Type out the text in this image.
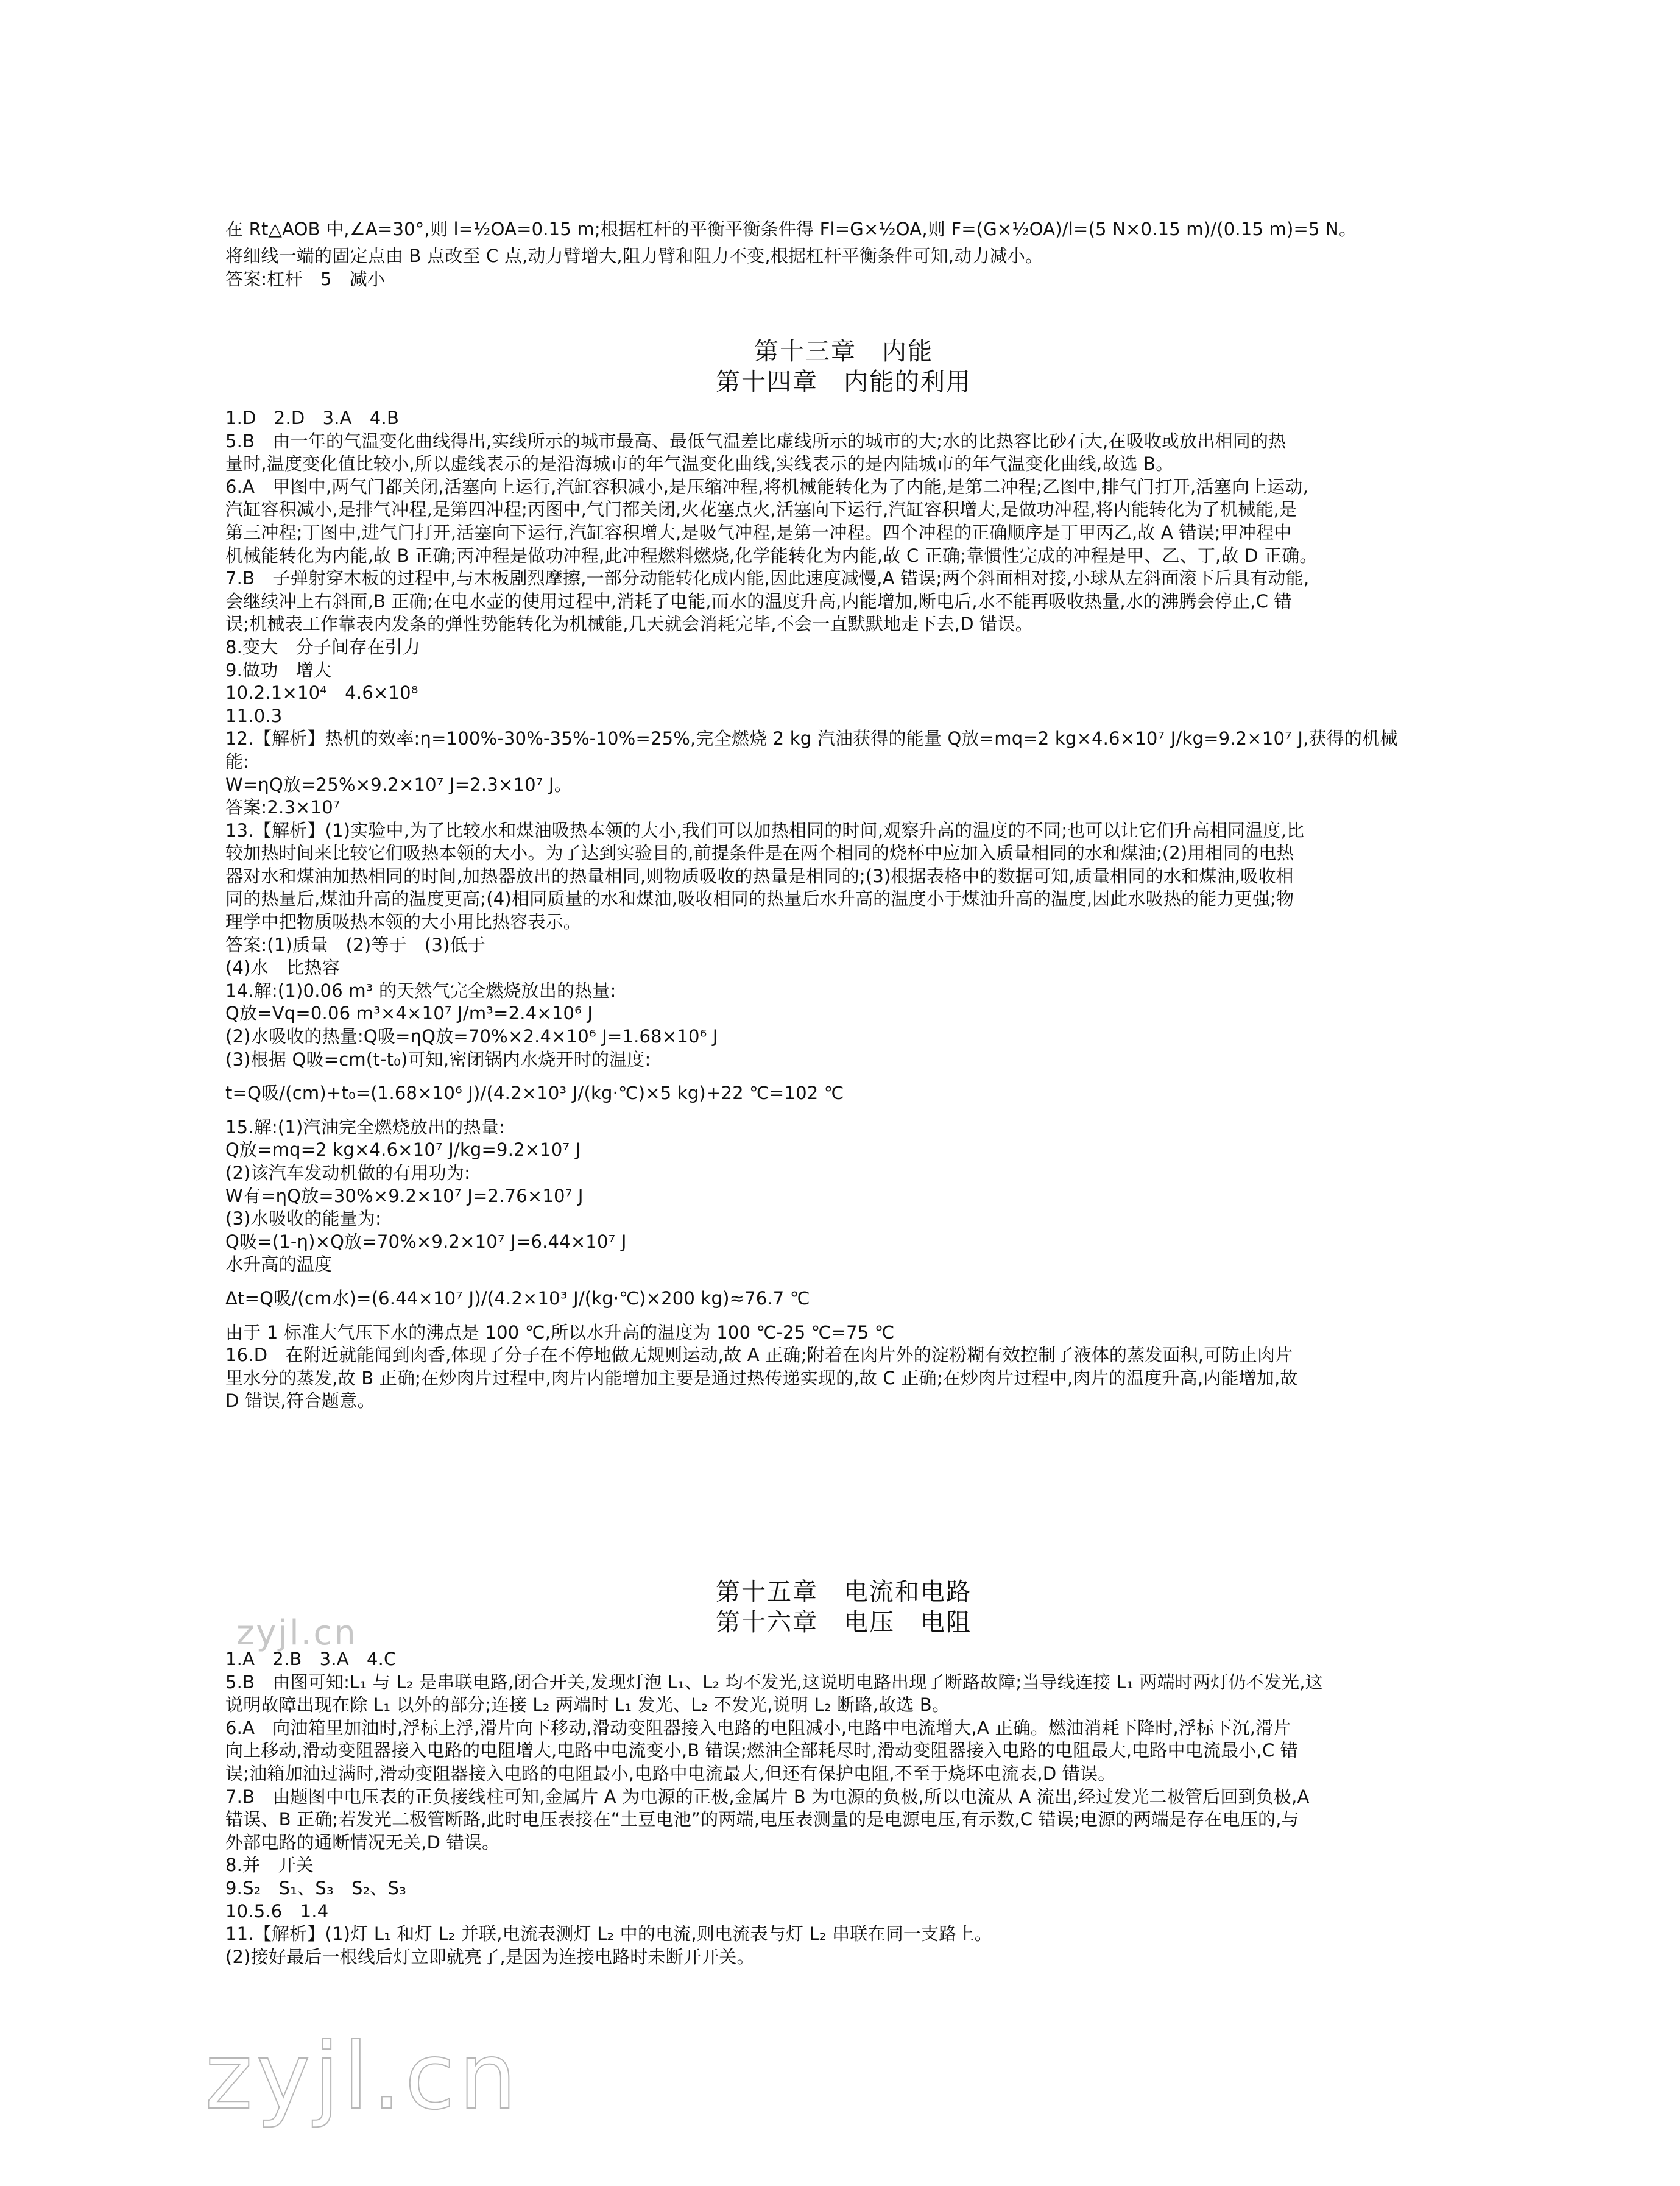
在 Rt△AOB 中,∠A=30°,则 l=½OA=0.15 m;根据杠杆的平衡平衡条件得 Fl=G×½OA,则 F=(G×½OA)/l=(5 N×0.15 m)/(0.15 m)=5 N。
将细线一端的固定点由 B 点改至 C 点,动力臂增大,阻力臂和阻力不变,根据杠杆平衡条件可知,动力减小。
答案:杠杆　5　减小
第十三章　内能
第十四章　内能的利用
1.D　2.D　3.A　4.B
5.B　由一年的气温变化曲线得出,实线所示的城市最高、最低气温差比虚线所示的城市的大;水的比热容比砂石大,在吸收或放出相同的热
量时,温度变化值比较小,所以虚线表示的是沿海城市的年气温变化曲线,实线表示的是内陆城市的年气温变化曲线,故选 B。
6.A　甲图中,两气门都关闭,活塞向上运行,汽缸容积减小,是压缩冲程,将机械能转化为了内能,是第二冲程;乙图中,排气门打开,活塞向上运动,
汽缸容积减小,是排气冲程,是第四冲程;丙图中,气门都关闭,火花塞点火,活塞向下运行,汽缸容积增大,是做功冲程,将内能转化为了机械能,是
第三冲程;丁图中,进气门打开,活塞向下运行,汽缸容积增大,是吸气冲程,是第一冲程。四个冲程的正确顺序是丁甲丙乙,故 A 错误;甲冲程中
机械能转化为内能,故 B 正确;丙冲程是做功冲程,此冲程燃料燃烧,化学能转化为内能,故 C 正确;靠惯性完成的冲程是甲、乙、丁,故 D 正确。
7.B　子弹射穿木板的过程中,与木板剧烈摩擦,一部分动能转化成内能,因此速度减慢,A 错误;两个斜面相对接,小球从左斜面滚下后具有动能,
会继续冲上右斜面,B 正确;在电水壶的使用过程中,消耗了电能,而水的温度升高,内能增加,断电后,水不能再吸收热量,水的沸腾会停止,C 错
误;机械表工作靠表内发条的弹性势能转化为机械能,几天就会消耗完毕,不会一直默默地走下去,D 错误。
8.变大　分子间存在引力
9.做功　增大
10.2.1×10⁴　4.6×10⁸
11.0.3
12.【解析】热机的效率:η=100%-30%-35%-10%=25%,完全燃烧 2 kg 汽油获得的能量 Q放=mq=2 kg×4.6×10⁷ J/kg=9.2×10⁷ J,获得的机械
能:
W=ηQ放=25%×9.2×10⁷ J=2.3×10⁷ J。
答案:2.3×10⁷
13.【解析】(1)实验中,为了比较水和煤油吸热本领的大小,我们可以加热相同的时间,观察升高的温度的不同;也可以让它们升高相同温度,比
较加热时间来比较它们吸热本领的大小。为了达到实验目的,前提条件是在两个相同的烧杯中应加入质量相同的水和煤油;(2)用相同的电热
器对水和煤油加热相同的时间,加热器放出的热量相同,则物质吸收的热量是相同的;(3)根据表格中的数据可知,质量相同的水和煤油,吸收相
同的热量后,煤油升高的温度更高;(4)相同质量的水和煤油,吸收相同的热量后水升高的温度小于煤油升高的温度,因此水吸热的能力更强;物
理学中把物质吸热本领的大小用比热容表示。
答案:(1)质量　(2)等于　(3)低于
(4)水　比热容
14.解:(1)0.06 m³ 的天然气完全燃烧放出的热量:
Q放=Vq=0.06 m³×4×10⁷ J/m³=2.4×10⁶ J
(2)水吸收的热量:Q吸=ηQ放=70%×2.4×10⁶ J=1.68×10⁶ J
(3)根据 Q吸=cm(t-t₀)可知,密闭锅内水烧开时的温度:
t=Q吸/(cm)+t₀=(1.68×10⁶ J)/(4.2×10³ J/(kg·℃)×5 kg)+22 ℃=102 ℃
15.解:(1)汽油完全燃烧放出的热量:
Q放=mq=2 kg×4.6×10⁷ J/kg=9.2×10⁷ J
(2)该汽车发动机做的有用功为:
W有=ηQ放=30%×9.2×10⁷ J=2.76×10⁷ J
(3)水吸收的能量为:
Q吸=(1-η)×Q放=70%×9.2×10⁷ J=6.44×10⁷ J
水升高的温度
Δt=Q吸/(cm水)=(6.44×10⁷ J)/(4.2×10³ J/(kg·℃)×200 kg)≈76.7 ℃
由于 1 标准大气压下水的沸点是 100 ℃,所以水升高的温度为 100 ℃-25 ℃=75 ℃
16.D　在附近就能闻到肉香,体现了分子在不停地做无规则运动,故 A 正确;附着在肉片外的淀粉糊有效控制了液体的蒸发面积,可防止肉片
里水分的蒸发,故 B 正确;在炒肉片过程中,肉片内能增加主要是通过热传递实现的,故 C 正确;在炒肉片过程中,肉片的温度升高,内能增加,故
D 错误,符合题意。
第十五章　电流和电路
第十六章　电压　电阻
1.A　2.B　3.A　4.C
5.B　由图可知:L₁ 与 L₂ 是串联电路,闭合开关,发现灯泡 L₁、L₂ 均不发光,这说明电路出现了断路故障;当导线连接 L₁ 两端时两灯仍不发光,这
说明故障出现在除 L₁ 以外的部分;连接 L₂ 两端时 L₁ 发光、L₂ 不发光,说明 L₂ 断路,故选 B。
6.A　向油箱里加油时,浮标上浮,滑片向下移动,滑动变阻器接入电路的电阻减小,电路中电流增大,A 正确。燃油消耗下降时,浮标下沉,滑片
向上移动,滑动变阻器接入电路的电阻增大,电路中电流变小,B 错误;燃油全部耗尽时,滑动变阻器接入电路的电阻最大,电路中电流最小,C 错
误;油箱加油过满时,滑动变阻器接入电路的电阻最小,电路中电流最大,但还有保护电阻,不至于烧坏电流表,D 错误。
7.B　由题图中电压表的正负接线柱可知,金属片 A 为电源的正极,金属片 B 为电源的负极,所以电流从 A 流出,经过发光二极管后回到负极,A
错误、B 正确;若发光二极管断路,此时电压表接在“土豆电池”的两端,电压表测量的是电源电压,有示数,C 错误;电源的两端是存在电压的,与
外部电路的通断情况无关,D 错误。
8.并　开关
9.S₂　S₁、S₃　S₂、S₃
10.5.6　1.4
11.【解析】(1)灯 L₁ 和灯 L₂ 并联,电流表测灯 L₂ 中的电流,则电流表与灯 L₂ 串联在同一支路上。
(2)接好最后一根线后灯立即就亮了,是因为连接电路时未断开开关。
zyjl.cn
zyjl.cn
